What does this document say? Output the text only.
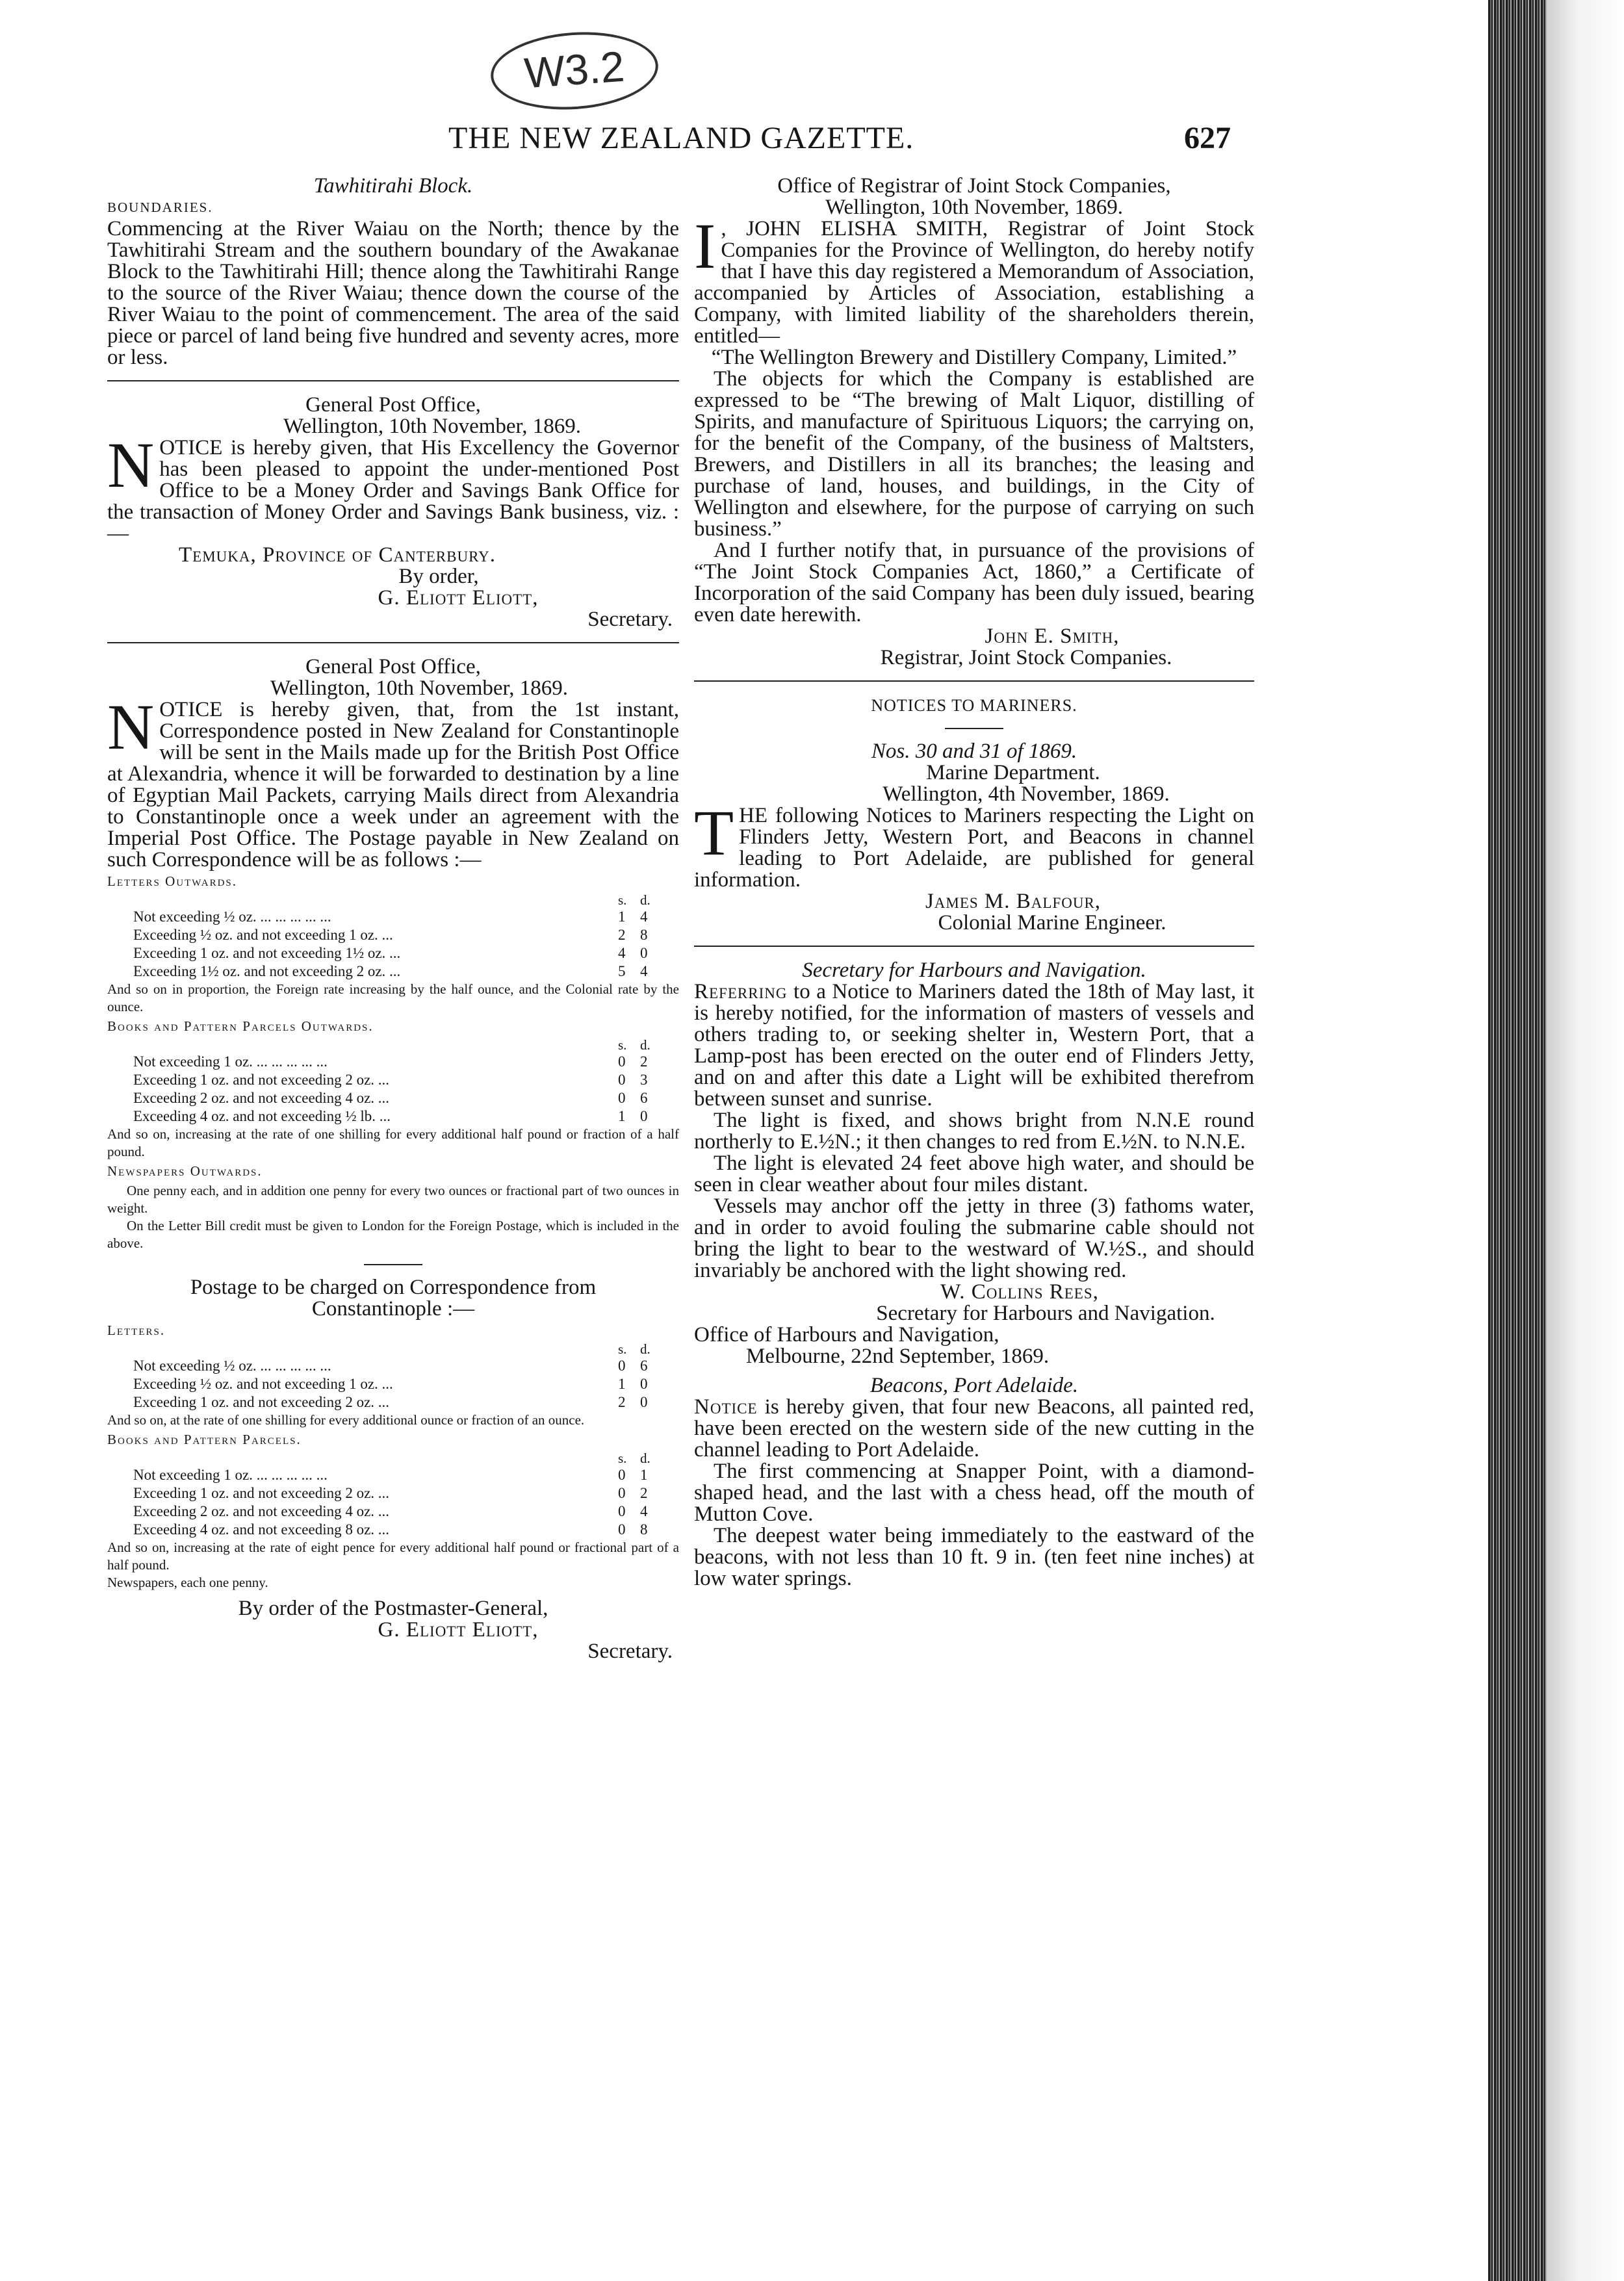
W3.2
THE NEW ZEALAND GAZETTE.	627

Tawhitirahi Block.

BOUNDARIES.

Commencing at the River Waiau on the North; thence by the Tawhitirahi Stream and the southern boundary of the Awakanae Block to the Tawhitirahi Hill; thence along the Tawhitirahi Range to the source of the River Waiau; thence down the course of the River Waiau to the point of commencement. The area of the said piece or parcel of land being five hundred and seventy acres, more or less.

General Post Office,

Wellington, 10th November, 1869.

NOTICE is hereby given, that His Excellency the Governor has been pleased to appoint the under-mentioned Post Office to be a Money Order and Savings Bank Office for the transaction of Money Order and Savings Bank business, viz. :—

Temuka, Province of Canterbury.

By order,

G. Eliott Eliott,

Secretary.

General Post Office,

Wellington, 10th November, 1869.

NOTICE is hereby given, that, from the 1st instant, Correspondence posted in New Zealand for Constantinople will be sent in the Mails made up for the British Post Office at Alexandria, whence it will be forwarded to destination by a line of Egyptian Mail Packets, carrying Mails direct from Alexandria to Constantinople once a week under an agreement with the Imperial Post Office. The Postage payable in New Zealand on such Correspondence will be as follows :—

Letters Outwards.

s. d.
Not exceeding ½ oz. ... ... ... ... ...	1 4
Exceeding ½ oz. and not exceeding 1 oz. ...	2 8
Exceeding 1 oz. and not exceeding 1½ oz. ...	4 0
Exceeding 1½ oz. and not exceeding 2 oz. ...	5 4

And so on in proportion, the Foreign rate increasing by the half ounce, and the Colonial rate by the ounce.

Books and Pattern Parcels Outwards.

s. d.
Not exceeding 1 oz. ... ... ... ... ...	0 2
Exceeding 1 oz. and not exceeding 2 oz. ...	0 3
Exceeding 2 oz. and not exceeding 4 oz. ...	0 6
Exceeding 4 oz. and not exceeding ½ lb. ...	1 0

And so on, increasing at the rate of one shilling for every additional half pound or fraction of a half pound.

Newspapers Outwards.

One penny each, and in addition one penny for every two ounces or fractional part of two ounces in weight.

On the Letter Bill credit must be given to London for the Foreign Postage, which is included in the above.

Postage to be charged on Correspondence from Constantinople :—

Letters.

s. d.
Not exceeding ½ oz. ... ... ... ... ...	0 6
Exceeding ½ oz. and not exceeding 1 oz. ...	1 0
Exceeding 1 oz. and not exceeding 2 oz. ...	2 0

And so on, at the rate of one shilling for every additional ounce or fraction of an ounce.

Books and Pattern Parcels.

s. d.
Not exceeding 1 oz. ... ... ... ... ...	0 1
Exceeding 1 oz. and not exceeding 2 oz. ...	0 2
Exceeding 2 oz. and not exceeding 4 oz. ...	0 4
Exceeding 4 oz. and not exceeding 8 oz. ...	0 8

And so on, increasing at the rate of eight pence for every additional half pound or fractional part of a half pound.

Newspapers, each one penny.

By order of the Postmaster-General,

G. Eliott Eliott,

Secretary.

Office of Registrar of Joint Stock Companies,

Wellington, 10th November, 1869.

I , JOHN ELISHA SMITH, Registrar of Joint Stock Companies for the Province of Wellington, do hereby notify that I have this day registered a Memorandum of Association, accompanied by Articles of Association, establishing a Company, with limited liability of the shareholders therein, entitled—

“The Wellington Brewery and Distillery Company, Limited.”

The objects for which the Company is established are expressed to be “The brewing of Malt Liquor, distilling of Spirits, and manufacture of Spirituous Liquors; the carrying on, for the benefit of the Company, of the business of Maltsters, Brewers, and Distillers in all its branches; the leasing and purchase of land, houses, and buildings, in the City of Wellington and elsewhere, for the purpose of carrying on such business.”

And I further notify that, in pursuance of the provisions of “The Joint Stock Companies Act, 1860,” a Certificate of Incorporation of the said Company has been duly issued, bearing even date herewith.

John E. Smith,

Registrar, Joint Stock Companies.

NOTICES TO MARINERS.

Nos. 30 and 31 of 1869.

Marine Department.

Wellington, 4th November, 1869.

THE following Notices to Mariners respecting the Light on Flinders Jetty, Western Port, and Beacons in channel leading to Port Adelaide, are published for general information.

James M. Balfour,

Colonial Marine Engineer.

Secretary for Harbours and Navigation.

Referring to a Notice to Mariners dated the 18th of May last, it is hereby notified, for the information of masters of vessels and others trading to, or seeking shelter in, Western Port, that a Lamp-post has been erected on the outer end of Flinders Jetty, and on and after this date a Light will be exhibited therefrom between sunset and sunrise.

The light is fixed, and shows bright from N.N.E round northerly to E.½N.; it then changes to red from E.½N. to N.N.E.

The light is elevated 24 feet above high water, and should be seen in clear weather about four miles distant.

Vessels may anchor off the jetty in three (3) fathoms water, and in order to avoid fouling the submarine cable should not bring the light to bear to the westward of W.½S., and should invariably be anchored with the light showing red.

W. Collins Rees,

Secretary for Harbours and Navigation.

Office of Harbours and Navigation,

Melbourne, 22nd September, 1869.

Beacons, Port Adelaide.

Notice is hereby given, that four new Beacons, all painted red, have been erected on the western side of the new cutting in the channel leading to Port Adelaide.

The first commencing at Snapper Point, with a diamond-shaped head, and the last with a chess head, off the mouth of Mutton Cove.

The deepest water being immediately to the eastward of the beacons, with not less than 10 ft. 9 in. (ten feet nine inches) at low water springs.
